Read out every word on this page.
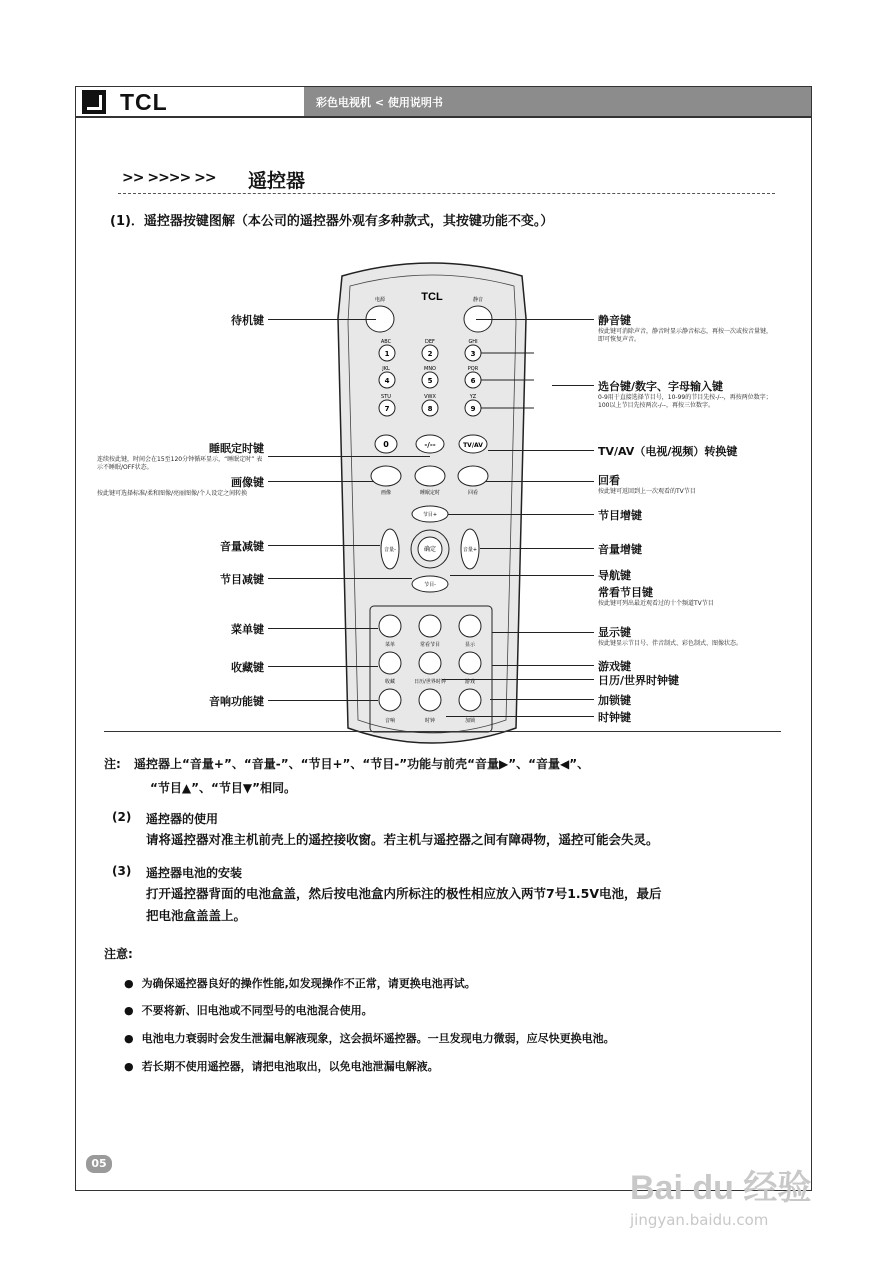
TCL	彩色电视机 < 使用说明书
>> >>>> >> 遥控器
(1)．遥控器按键图解（本公司的遥控器外观有多种款式，其按键功能不变。）
TCL
电源	静音
ABC	DEF	GHI
1	2	3
JKL	MNO	PQR
4	5	6
STU	VWX	YZ
7	8	9
0	-/--	TV/AV
画像	睡眠定时	回看
节目+
音量-	音量+
确定
节目-
菜单	常看节目	显示
收藏	日历/世界时钟	游戏
音响	时钟	加锁
待机键
睡眠定时键
连续按此键，时间会在15至120分钟循环显示，“睡眠定时” 表示不睡眠/OFF状态。
画像键
按此键可选择标准/柔和图像/亮丽图像/个人设定之间转换
音量减键
节目减键
菜单键
收藏键
音响功能键
静音键
按此键可消除声音，静音时显示静音标志，再按一次或按音量键，即可恢复声音。
选台键/数字、字母输入键
0-9用于直接选择节目号，10-99的节目先按-/--，再按两位数字；100以上节目先按两次-/--，再按三位数字。
TV/AV（电视/视频）转换键
回看
按此键可返回到上一次观看的TV节目
节目增键
音量增键
导航键
常看节目键
按此键可列出最近观看过的十个频道TV节目
显示键
按此键显示节目号、伴音制式、彩色制式、图像状态。
游戏键
日历/世界时钟键
加锁键
时钟键
注: 遥控器上“音量+”、“音量-”、“节目+”、“节目-”功能与前壳“音量▶”、“音量◀”、
“节目▲”、“节目▼”相同。
(2) 遥控器的使用
请将遥控器对准主机前壳上的遥控接收窗。若主机与遥控器之间有障碍物，遥控可能会失灵。
(3) 遥控器电池的安装
打开遥控器背面的电池盒盖，然后按电池盒内所标注的极性相应放入两节7号1.5V电池，最后
把电池盒盖盖上。
注意:
● 为确保遥控器良好的操作性能,如发现操作不正常，请更换电池再试。
● 不要将新、旧电池或不同型号的电池混合使用。
● 电池电力衰弱时会发生泄漏电解液现象，这会损坏遥控器。一旦发现电力微弱，应尽快更换电池。
● 若长期不使用遥控器，请把电池取出，以免电池泄漏电解液。
05
Bai du 经验
jingyan.baidu.com
